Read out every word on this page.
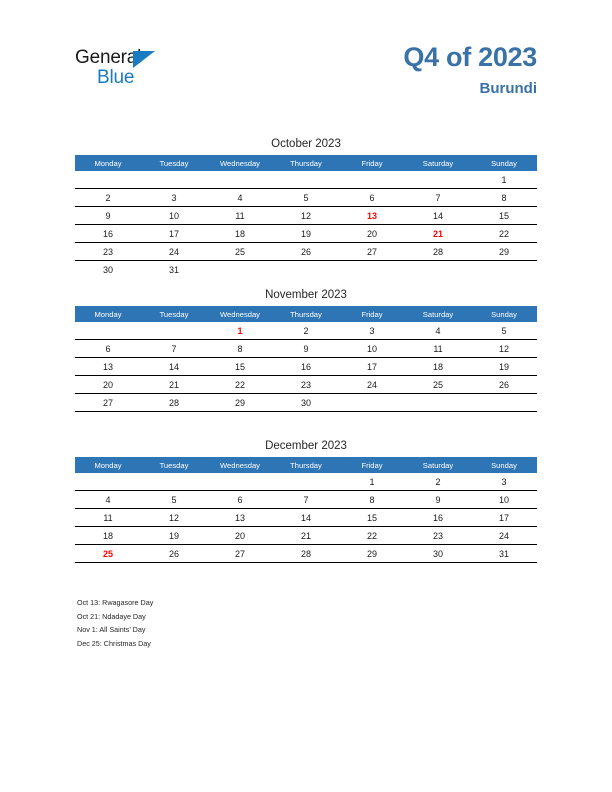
General
Blue
Q4 of 2023
Burundi
October 2023
Monday	Tuesday	Wednesday	Thursday	Friday	Saturday	Sunday
						1
2	3	4	5	6	7	8
9	10	11	12	13	14	15
16	17	18	19	20	21	22
23	24	25	26	27	28	29
30	31					
November 2023
Monday	Tuesday	Wednesday	Thursday	Friday	Saturday	Sunday
		1	2	3	4	5
6	7	8	9	10	11	12
13	14	15	16	17	18	19
20	21	22	23	24	25	26
27	28	29	30			
December 2023
Monday	Tuesday	Wednesday	Thursday	Friday	Saturday	Sunday
				1	2	3
4	5	6	7	8	9	10
11	12	13	14	15	16	17
18	19	20	21	22	23	24
25	26	27	28	29	30	31
Oct 13: Rwagasore Day
Oct 21: Ndadaye Day
Nov 1: All Saints’ Day
Dec 25: Christmas Day
